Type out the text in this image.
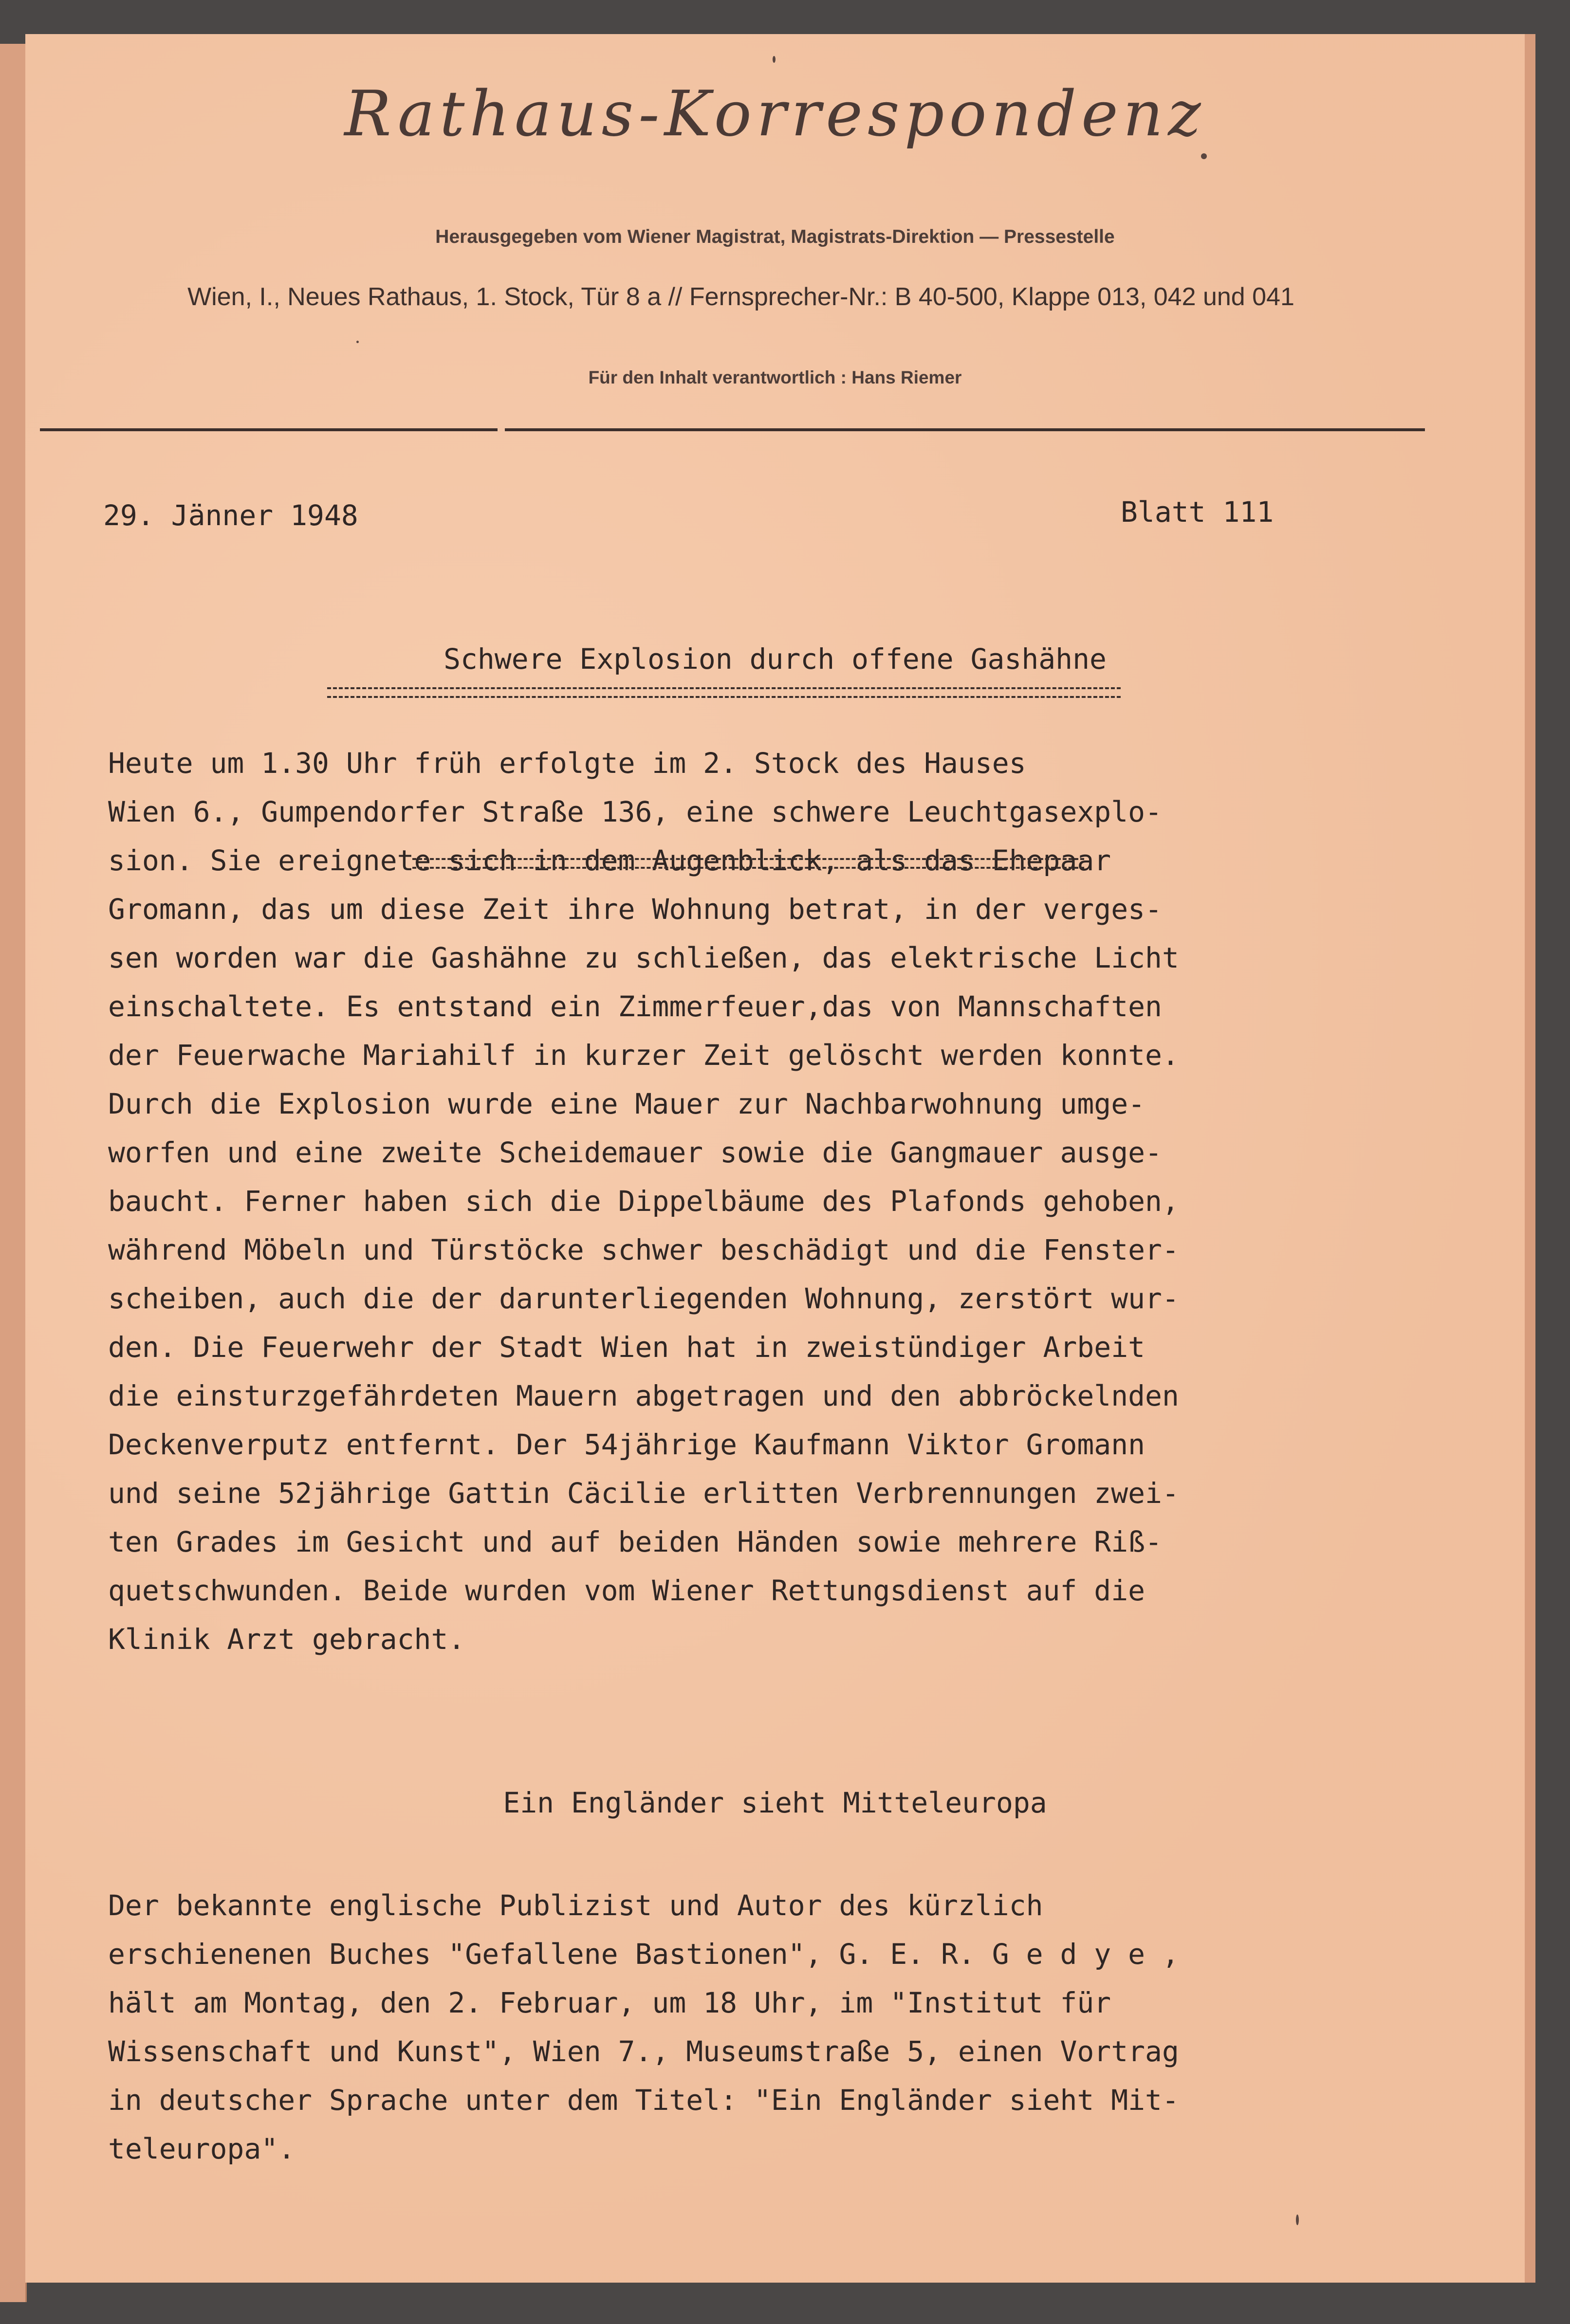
Rathaus-Korrespondenz
Herausgegeben vom Wiener Magistrat, Magistrats-Direktion — Pressestelle
Wien, I., Neues Rathaus, 1. Stock, Tür 8 a // Fernsprecher-Nr.: B 40-500, Klappe 013, 042 und 041
Für den Inhalt verantwortlich : Hans Riemer
29. Jänner 1948	Blatt 111
Schwere Explosion durch offene Gashähne
Heute um 1.30 Uhr früh erfolgte im 2. Stock des Hauses
Wien 6., Gumpendorfer Straße 136, eine schwere Leuchtgasexplo-
sion. Sie ereignete sich in dem Augenblick, als das Ehepaar
Gromann, das um diese Zeit ihre Wohnung betrat, in der verges-
sen worden war die Gashähne zu schließen, das elektrische Licht
einschaltete. Es entstand ein Zimmerfeuer,das von Mannschaften
der Feuerwache Mariahilf in kurzer Zeit gelöscht werden konnte.
Durch die Explosion wurde eine Mauer zur Nachbarwohnung umge-
worfen und eine zweite Scheidemauer sowie die Gangmauer ausge-
baucht. Ferner haben sich die Dippelbäume des Plafonds gehoben,
während Möbeln und Türstöcke schwer beschädigt und die Fenster-
scheiben, auch die der darunterliegenden Wohnung, zerstört wur-
den. Die Feuerwehr der Stadt Wien hat in zweistündiger Arbeit
die einsturzgefährdeten Mauern abgetragen und den abbröckelnden
Deckenverputz entfernt. Der 54jährige Kaufmann Viktor Gromann
und seine 52jährige Gattin Cäcilie erlitten Verbrennungen zwei-
ten Grades im Gesicht und auf beiden Händen sowie mehrere Riß-
quetschwunden. Beide wurden vom Wiener Rettungsdienst auf die
Klinik Arzt gebracht.
Ein Engländer sieht Mitteleuropa
Der bekannte englische Publizist und Autor des kürzlich
erschienenen Buches "Gefallene Bastionen", G. E. R. G e d y e ,
hält am Montag, den 2. Februar, um 18 Uhr, im "Institut für
Wissenschaft und Kunst", Wien 7., Museumstraße 5, einen Vortrag
in deutscher Sprache unter dem Titel: "Ein Engländer sieht Mit-
teleuropa".
